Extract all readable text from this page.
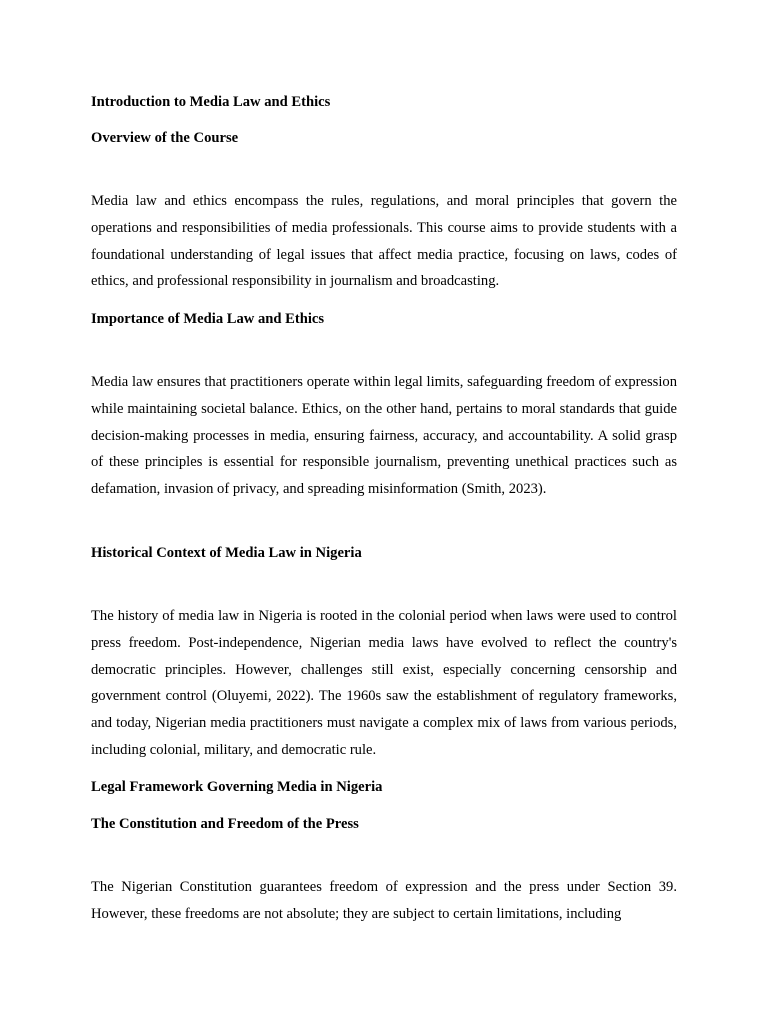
Introduction to Media Law and Ethics
Overview of the Course

Media law and ethics encompass the rules, regulations, and moral principles that govern the operations and responsibilities of media professionals. This course aims to provide students with a foundational understanding of legal issues that affect media practice, focusing on laws, codes of ethics, and professional responsibility in journalism and broadcasting.

Importance of Media Law and Ethics

Media law ensures that practitioners operate within legal limits, safeguarding freedom of expression while maintaining societal balance. Ethics, on the other hand, pertains to moral standards that guide decision-making processes in media, ensuring fairness, accuracy, and accountability. A solid grasp of these principles is essential for responsible journalism, preventing unethical practices such as defamation, invasion of privacy, and spreading misinformation (Smith, 2023).

Historical Context of Media Law in Nigeria

The history of media law in Nigeria is rooted in the colonial period when laws were used to control press freedom. Post-independence, Nigerian media laws have evolved to reflect the country's democratic principles. However, challenges still exist, especially concerning censorship and government control (Oluyemi, 2022). The 1960s saw the establishment of regulatory frameworks, and today, Nigerian media practitioners must navigate a complex mix of laws from various periods, including colonial, military, and democratic rule.

Legal Framework Governing Media in Nigeria
The Constitution and Freedom of the Press

The Nigerian Constitution guarantees freedom of expression and the press under Section 39. However, these freedoms are not absolute; they are subject to certain limitations, including
